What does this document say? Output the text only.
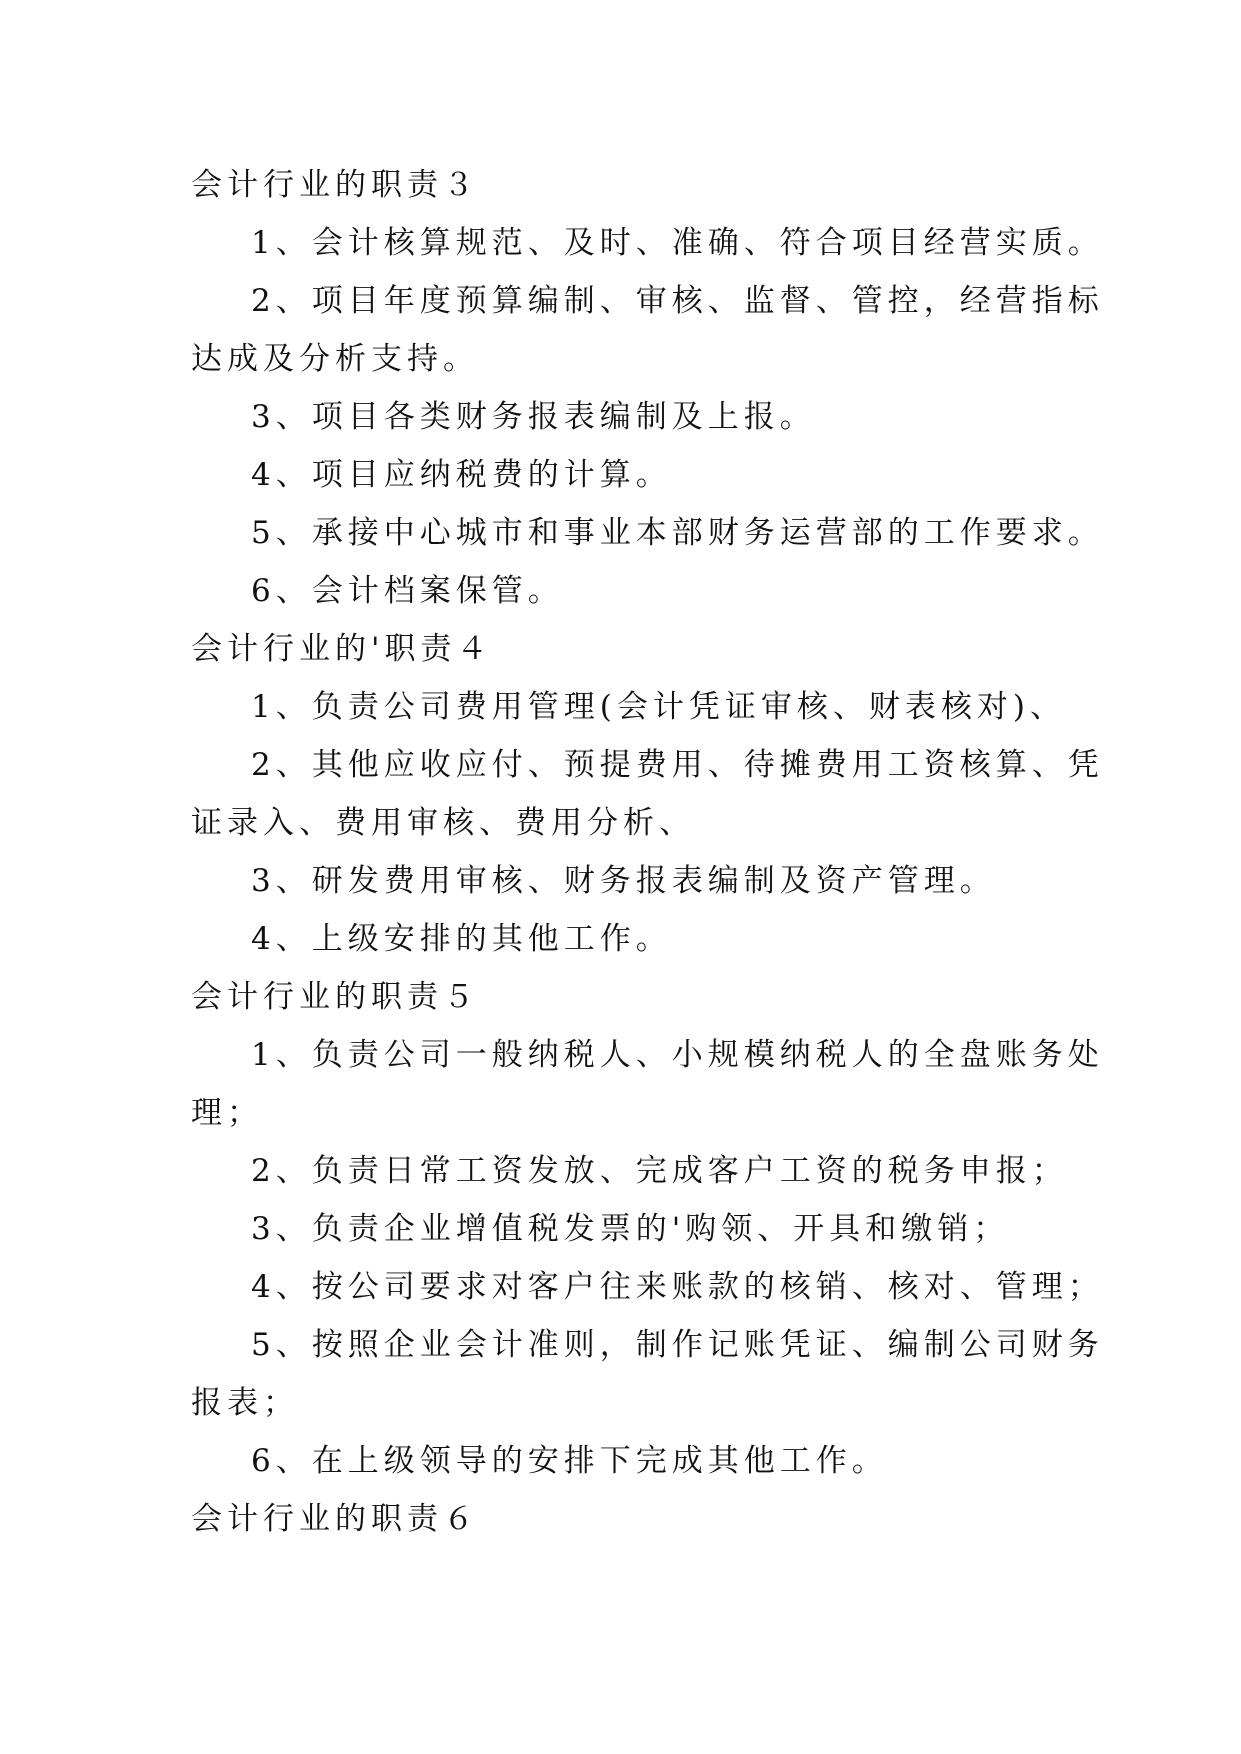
会计行业的职责３
1、会计核算规范、及时、准确、符合项目经营实质。
2、项目年度预算编制、审核、监督、管控，经营指标
达成及分析支持。
3、项目各类财务报表编制及上报。
4、项目应纳税费的计算。
5、承接中心城市和事业本部财务运营部的工作要求。
6、会计档案保管。
会计行业的'职责４
1、负责公司费用管理(会计凭证审核、财表核对)、
2、其他应收应付、预提费用、待摊费用工资核算、凭
证录入、费用审核、费用分析、
3、研发费用审核、财务报表编制及资产管理。
4、上级安排的其他工作。
会计行业的职责５
1、负责公司一般纳税人、小规模纳税人的全盘账务处
理；
2、负责日常工资发放、完成客户工资的税务申报；
3、负责企业增值税发票的'购领、开具和缴销；
4、按公司要求对客户往来账款的核销、核对、管理；
5、按照企业会计准则，制作记账凭证、编制公司财务
报表；
6、在上级领导的安排下完成其他工作。
会计行业的职责６
